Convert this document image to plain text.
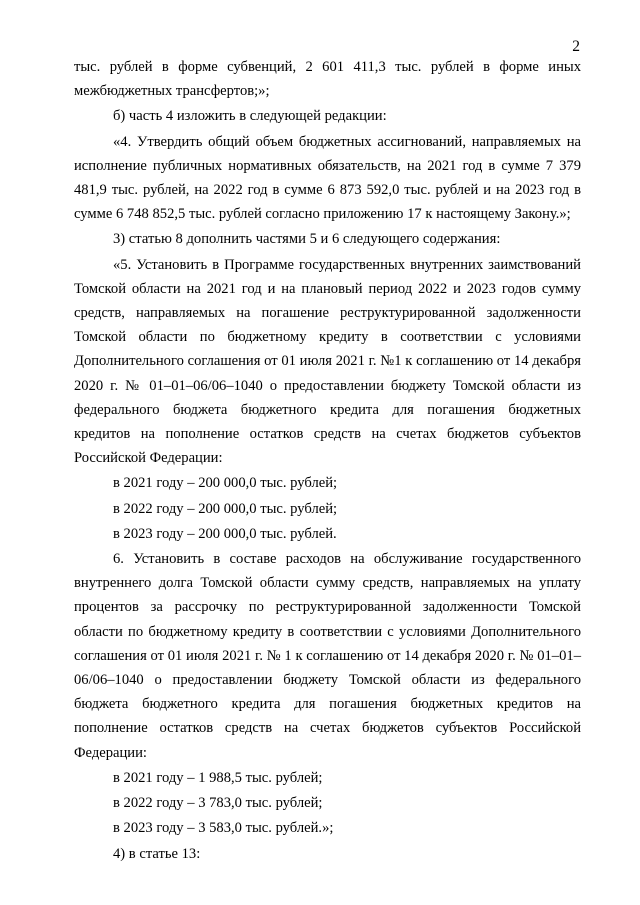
2

тыс. рублей в форме субвенций, 2 601 411,3 тыс. рублей в форме иных межбюджетных трансфертов;»;

б) часть 4 изложить в следующей редакции:

«4. Утвердить общий объем бюджетных ассигнований, направляемых на исполнение публичных нормативных обязательств, на 2021 год в сумме 7 379 481,9 тыс. рублей, на 2022 год в сумме 6 873 592,0 тыс. рублей и на 2023 год в сумме 6 748 852,5 тыс. рублей согласно приложению 17 к настоящему Закону.»;

3) статью 8 дополнить частями 5 и 6 следующего содержания:

«5. Установить в Программе государственных внутренних заимствований Томской области на 2021 год и на плановый период 2022 и 2023 годов сумму средств, направляемых на погашение реструктурированной задолженности Томской области по бюджетному кредиту в соответствии с условиями Дополнительного соглашения от 01 июля 2021 г. №1 к соглашению от 14 декабря 2020 г. № 01–01–06/06–1040 о предоставлении бюджету Томской области из федерального бюджета бюджетного кредита для погашения бюджетных кредитов на пополнение остатков средств на счетах бюджетов субъектов Российской Федерации:

в 2021 году – 200 000,0 тыс. рублей;

в 2022 году – 200 000,0 тыс. рублей;

в 2023 году – 200 000,0 тыс. рублей.

6. Установить в составе расходов на обслуживание государственного внутреннего долга Томской области сумму средств, направляемых на уплату процентов за рассрочку по реструктурированной задолженности Томской области по бюджетному кредиту в соответствии с условиями Дополнительного соглашения от 01 июля 2021 г. № 1 к соглашению от 14 декабря 2020 г. № 01–01–06/06–1040 о предоставлении бюджету Томской области из федерального бюджета бюджетного кредита для погашения бюджетных кредитов на пополнение остатков средств на счетах бюджетов субъектов Российской Федерации:

в 2021 году – 1 988,5 тыс. рублей;

в 2022 году – 3 783,0 тыс. рублей;

в 2023 году – 3 583,0 тыс. рублей.»;

4) в статье 13:
